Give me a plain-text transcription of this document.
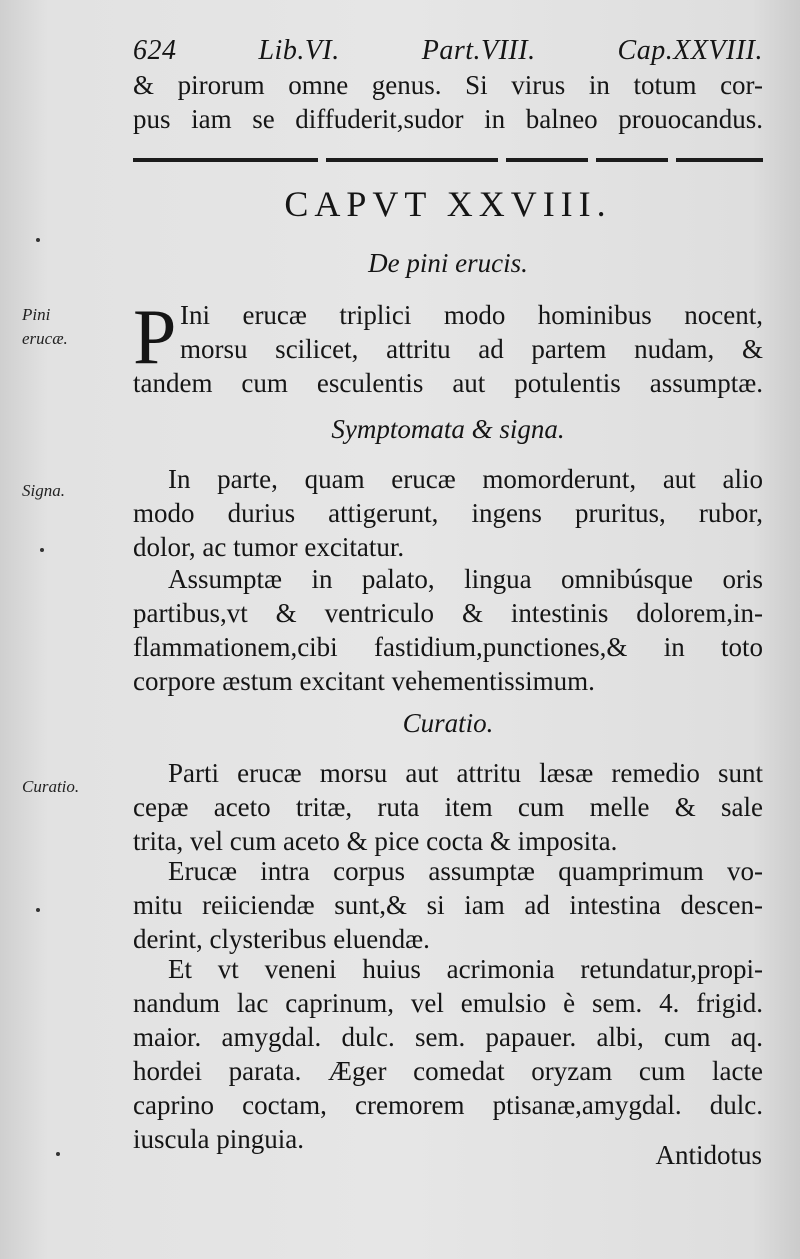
624 Lib.VI. Part.VIII. Cap.XXVIII.
& pirorum omne genus. Si virus in totum cor-
pus iam se diffuderit,sudor in balneo prouocandus.
CAPVT XXVIII.
De pini erucis.
P Ini erucæ triplici modo hominibus nocent,
morsu scilicet, attritu ad partem nudam, &
tandem cum esculentis aut potulentis assumptæ.
Symptomata & signa.
In parte, quam erucæ momorderunt, aut alio
modo durius attigerunt, ingens pruritus, rubor,
dolor, ac tumor excitatur.
Assumptæ in palato, lingua omnibúsque oris
partibus,vt & ventriculo & intestinis dolorem,in-
flammationem,cibi fastidium,punctiones,& in toto
corpore æstum excitant vehementissimum.
Curatio.
Parti erucæ morsu aut attritu læsæ remedio sunt
cepæ aceto tritæ, ruta item cum melle & sale
trita, vel cum aceto & pice cocta & imposita.
Erucæ intra corpus assumptæ quamprimum vo-
mitu reiiciendæ sunt,& si iam ad intestina descen-
derint, clysteribus eluendæ.
Et vt veneni huius acrimonia retundatur,propi-
nandum lac caprinum, vel emulsio è sem. 4. frigid.
maior. amygdal. dulc. sem. papauer. albi, cum aq.
hordei parata. Æger comedat oryzam cum lacte
caprino coctam, cremorem ptisanæ,amygdal. dulc.
iuscula pinguia.
Antidotus
Pini
erucæ.
Signa.
Curatio.
